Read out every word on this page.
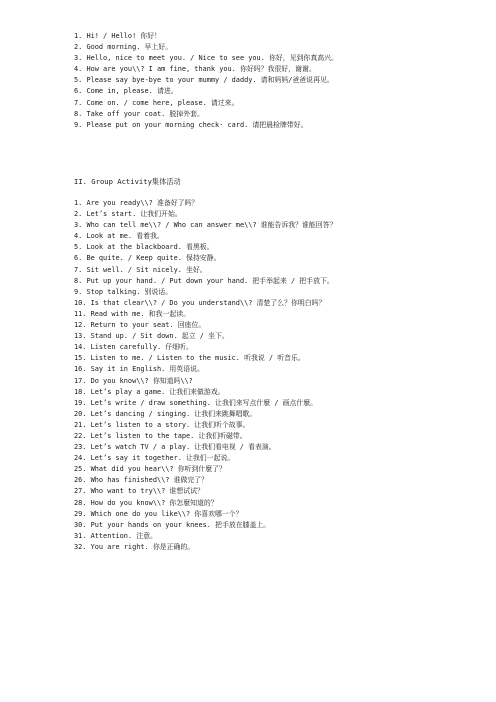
1. Hi! / Hello! 你好！
2. Good morning. 早上好。
3. Hello, nice to meet you. / Nice to see you. 你好，见到你真高兴。
4. How are you\\? I am fine, thank you. 你好吗？我很好，谢谢。
5. Please say bye-bye to your mummy / daddy. 请和妈妈/爸爸说再见。
6. Come in, please. 请进。
7. Come on. / come here, please. 请过来。
8. Take off your coat. 脱掉外套。
9. Please put on your morning check- card. 请把晨检牌带好。
II. Group Activity集体活动
1. Are you ready\\? 准备好了吗？
2. Let’s start. 让我们开始。
3. Who can tell me\\? / Who can answer me\\? 谁能告诉我？谁能回答？
4. Look at me. 看着我。
5. Look at the blackboard. 看黑板。
6. Be quite. / Keep quite. 保持安静。
7. Sit well. / Sit nicely. 坐好。
8. Put up your hand. / Put down your hand. 把手举起来 / 把手放下。
9. Stop talking. 别说话。
10. Is that clear\\? / Do you understand\\? 清楚了么？你明白吗？
11. Read with me. 和我一起读。
12. Return to your seat. 回座位。
13. Stand up. / Sit down. 起立 / 坐下。
14. Listen carefully. 仔细听。
15. Listen to me. / Listen to the music. 听我说 / 听音乐。
16. Say it in English. 用英语说。
17. Do you know\\? 你知道吗\\?
18. Let’s play a game. 让我们来做游戏。
19. Let’s write / draw something. 让我们来写点什麼 / 画点什麼。
20. Let’s dancing / singing. 让我们来跳舞唱歌。
21. Let’s listen to a story. 让我们听个故事。
22. Let’s listen to the tape. 让我们听磁带。
23. Let’s watch TV / a play. 让我们看电视 / 看表演。
24. Let’s say it together. 让我们一起说。
25. What did you hear\\? 你听到什麼了？
26. Who has finished\\? 谁做完了？
27. Who want to try\\? 谁想试试？
28. How do you know\\? 你怎麼知道的？
29. Which one do you like\\? 你喜欢哪一个？
30. Put your hands on your knees. 把手放在膝盖上。
31. Attention. 注意。
32. You are right. 你是正确的。
